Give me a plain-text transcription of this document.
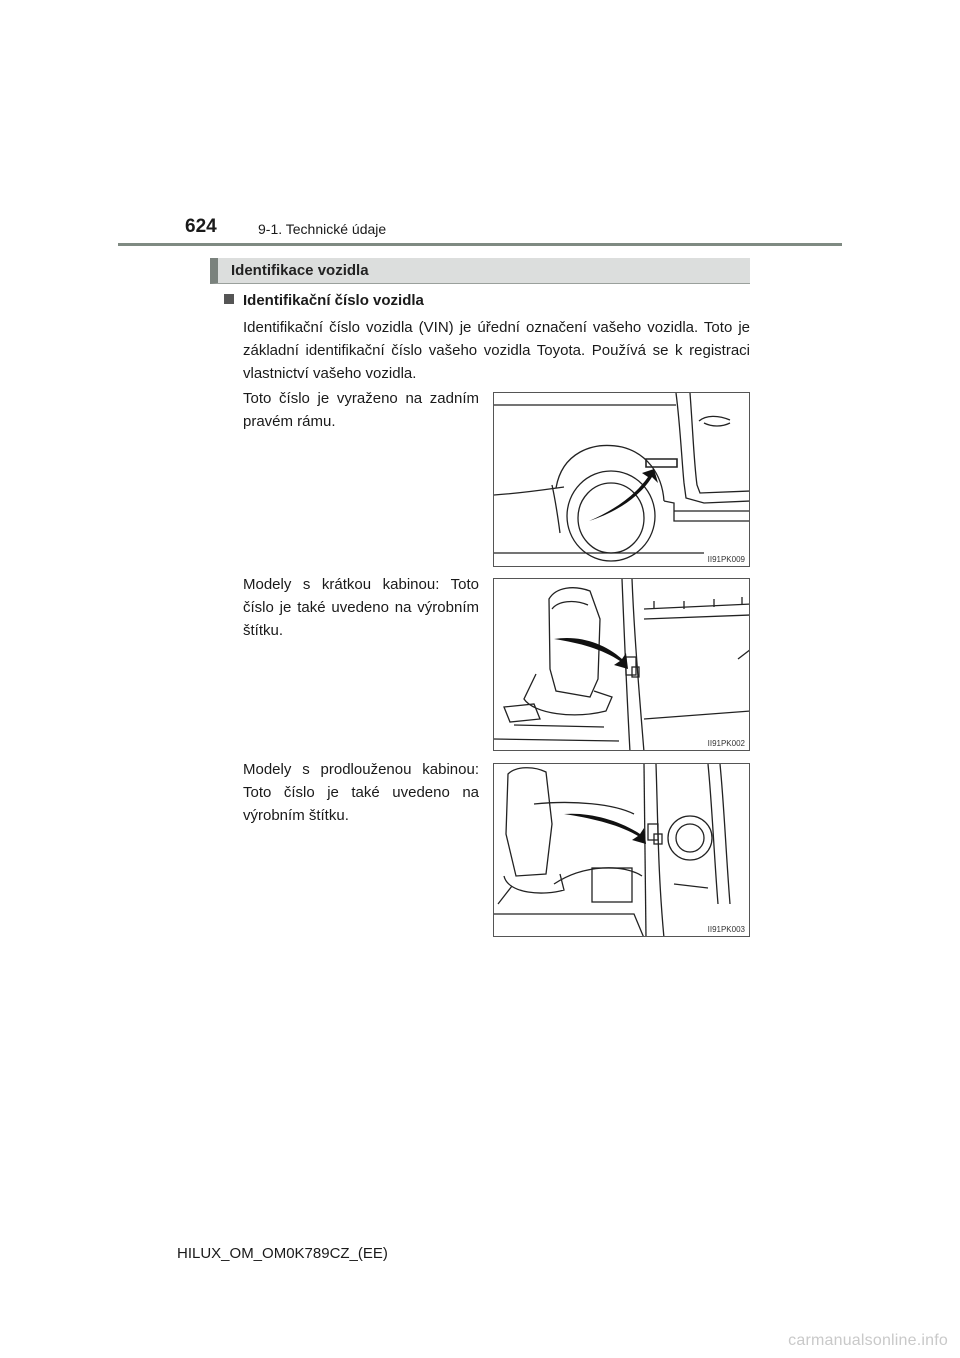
624	9-1. Technické údaje
Identifikace vozidla
Identifikační číslo vozidla
Identifikační číslo vozidla (VIN) je úřední označení vašeho vozidla. Toto je základní identifikační číslo vašeho vozidla Toyota. Používá se k registraci vlastnictví vašeho vozidla.
Toto číslo je vyraženo na zadním pravém rámu.
II91PK009
Modely s krátkou kabinou: Toto číslo je také uvedeno na výrobním štítku.
II91PK002
Modely s prodlouženou kabinou: Toto číslo je také uvedeno na výrobním štítku.
II91PK003
HILUX_OM_OM0K789CZ_(EE)
carmanualsonline.info
